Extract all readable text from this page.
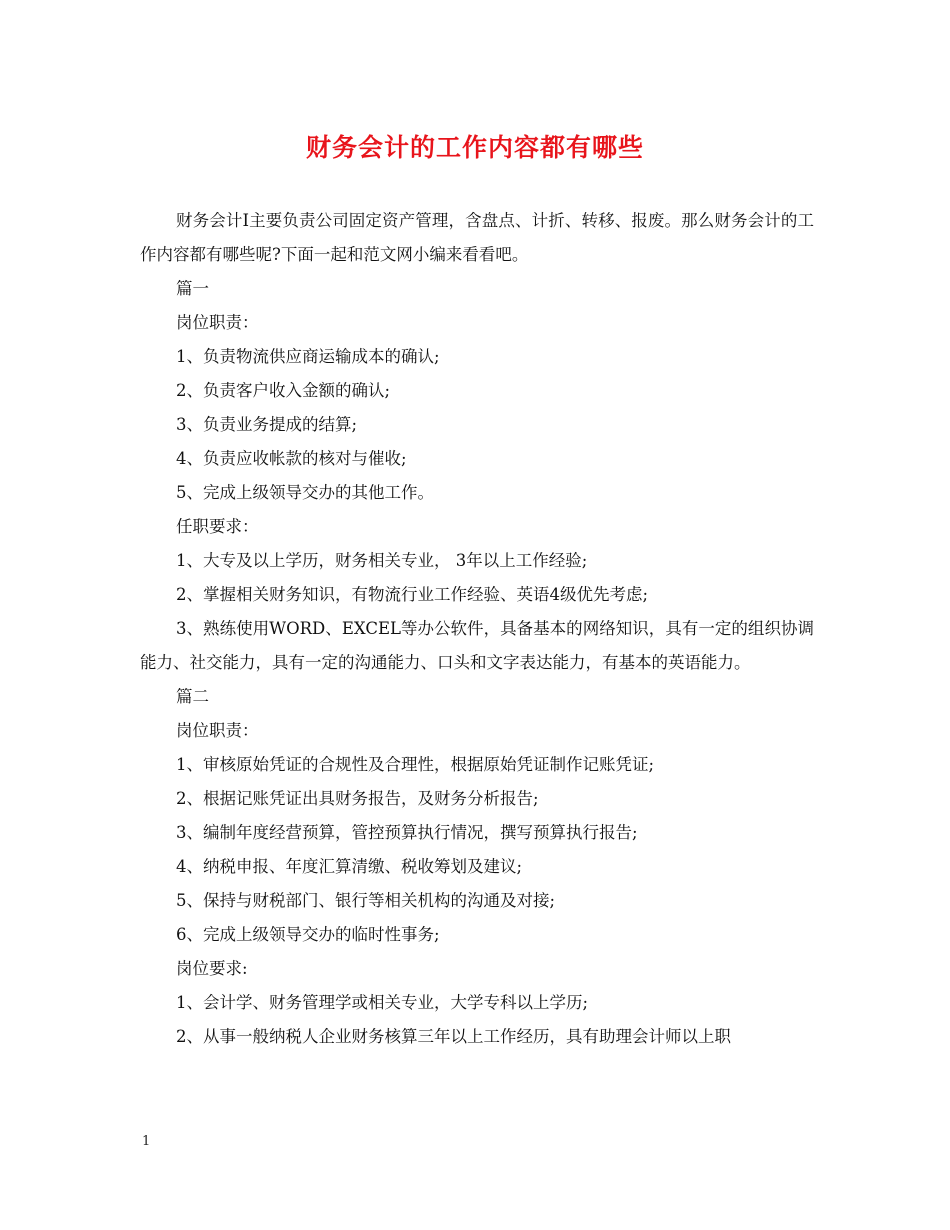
财务会计的工作内容都有哪些

财务会计Ⅰ主要负责公司固定资产管理，含盘点、计折、转移、报废。那么财务会计的工作内容都有哪些呢?下面一起和范文网小编来看看吧。

篇一

岗位职责：

1、负责物流供应商运输成本的确认;

2、负责客户收入金额的确认;

3、负责业务提成的结算;

4、负责应收帐款的核对与催收;

5、完成上级领导交办的其他工作。

任职要求：

1、大专及以上学历，财务相关专业， 3年以上工作经验;

2、掌握相关财务知识，有物流行业工作经验、英语4级优先考虑;

3、熟练使用WORD、EXCEL等办公软件，具备基本的网络知识，具有一定的组织协调能力、社交能力，具有一定的沟通能力、口头和文字表达能力，有基本的英语能力。

篇二

岗位职责：

1、审核原始凭证的合规性及合理性，根据原始凭证制作记账凭证;

2、根据记账凭证出具财务报告，及财务分析报告;

3、编制年度经营预算，管控预算执行情况，撰写预算执行报告;

4、纳税申报、年度汇算清缴、税收筹划及建议;

5、保持与财税部门、银行等相关机构的沟通及对接;

6、完成上级领导交办的临时性事务;

岗位要求:

1、会计学、财务管理学或相关专业，大学专科以上学历;

2、从事一般纳税人企业财务核算三年以上工作经历，具有助理会计师以上职

1
